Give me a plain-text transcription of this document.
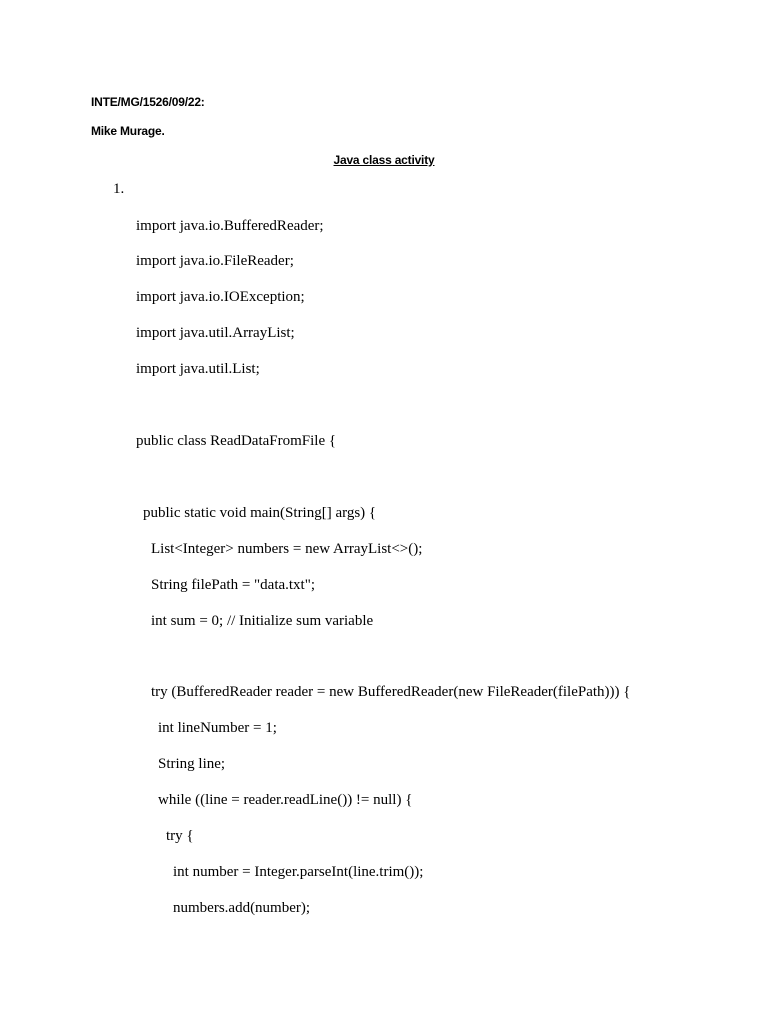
INTE/MG/1526/09/22:
Mike Murage.
Java class activity
1.
import java.io.BufferedReader;
import java.io.FileReader;
import java.io.IOException;
import java.util.ArrayList;
import java.util.List;
public class ReadDataFromFile {
public static void main(String[] args) {
List<Integer> numbers = new ArrayList<>();
String filePath = "data.txt";
int sum = 0; // Initialize sum variable
try (BufferedReader reader = new BufferedReader(new FileReader(filePath))) {
int lineNumber = 1;
String line;
while ((line = reader.readLine()) != null) {
try {
int number = Integer.parseInt(line.trim());
numbers.add(number);
